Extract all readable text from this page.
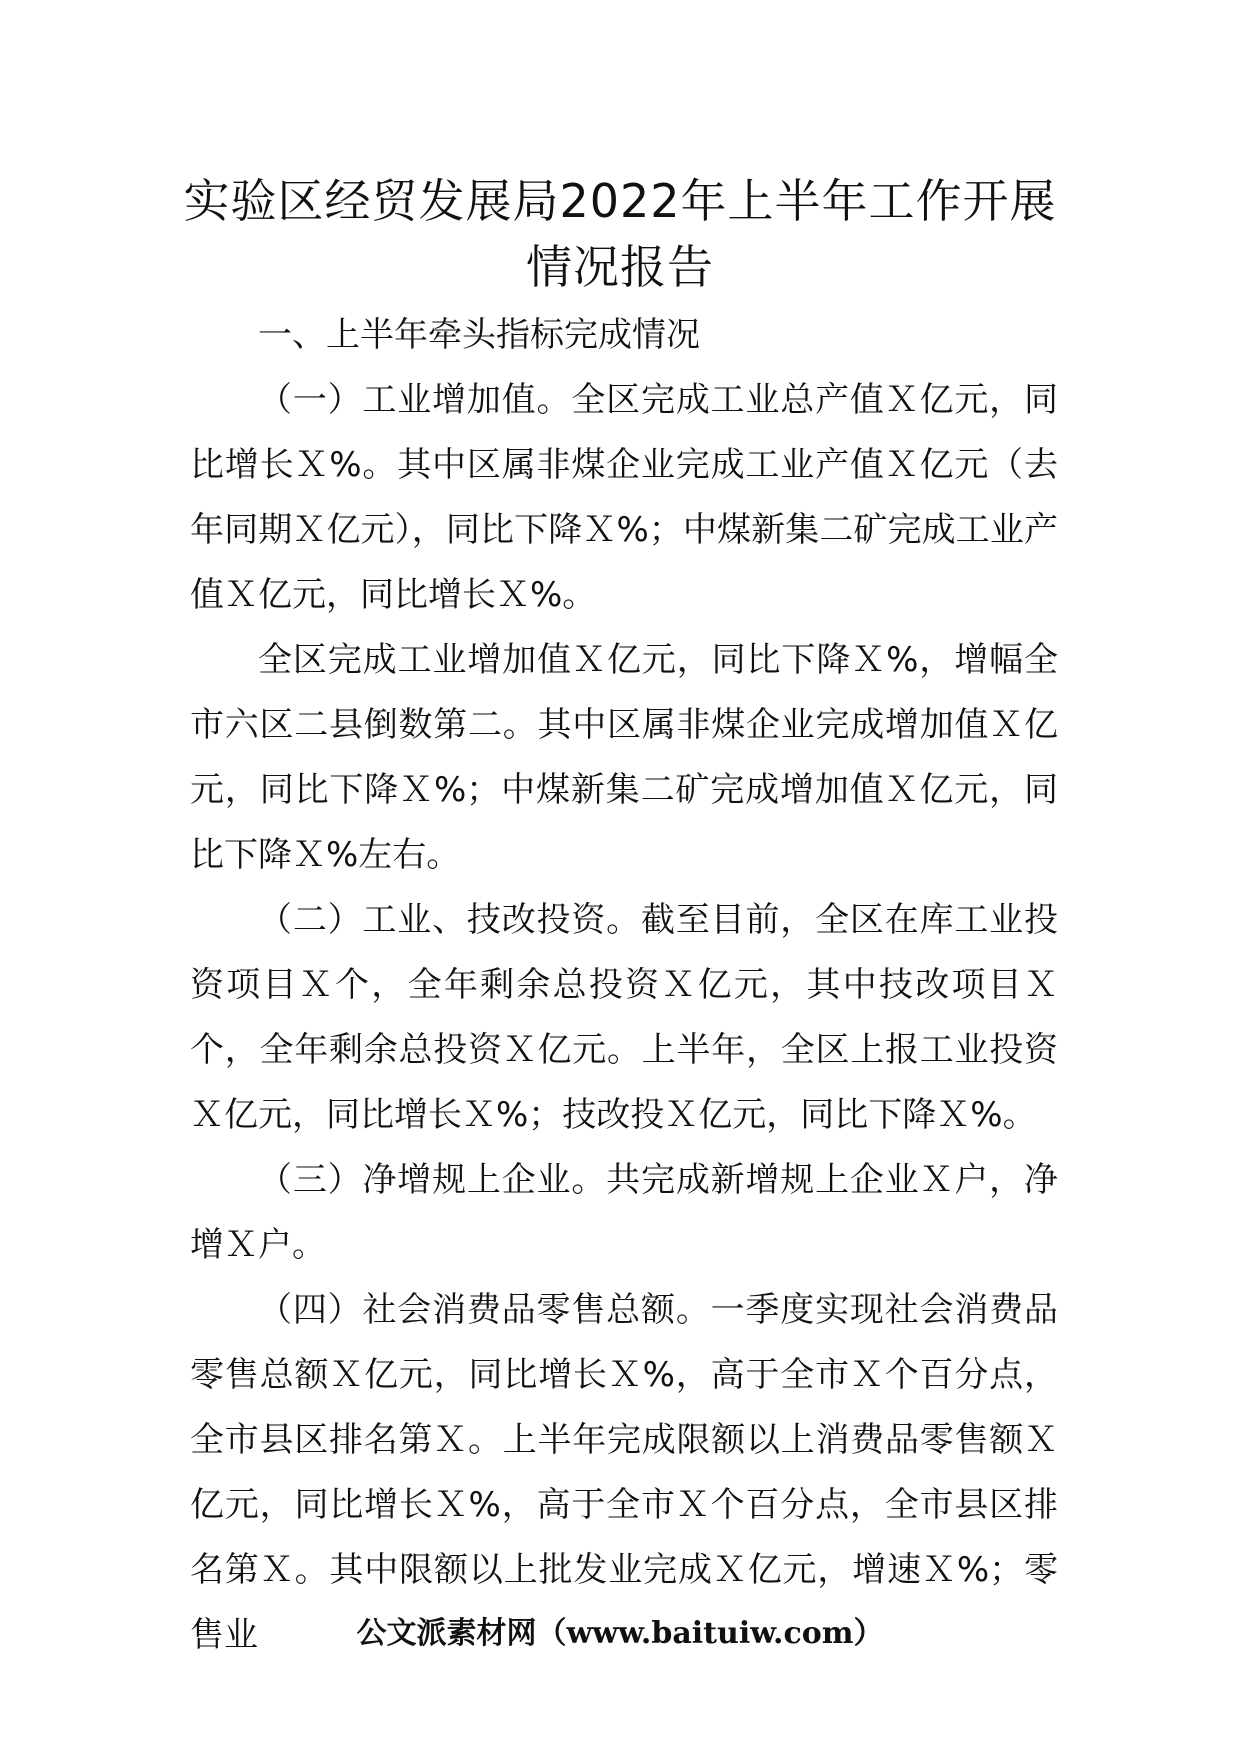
实验区经贸发展局2022年上半年工作开展
情况报告

一、上半年牵头指标完成情况

（一）工业增加值。全区完成工业总产值Ｘ亿元，同比增长Ｘ%。其中区属非煤企业完成工业产值Ｘ亿元（去年同期Ｘ亿元），同比下降Ｘ%；中煤新集二矿完成工业产值Ｘ亿元，同比增长Ｘ%。

全区完成工业增加值Ｘ亿元，同比下降Ｘ%，增幅全市六区二县倒数第二。其中区属非煤企业完成增加值Ｘ亿元，同比下降Ｘ%；中煤新集二矿完成增加值Ｘ亿元，同比下降Ｘ%左右。

（二）工业、技改投资。截至目前，全区在库工业投资项目Ｘ个，全年剩余总投资Ｘ亿元，其中技改项目Ｘ个，全年剩余总投资Ｘ亿元。上半年，全区上报工业投资Ｘ亿元，同比增长Ｘ%；技改投Ｘ亿元，同比下降Ｘ%。

（三）净增规上企业。共完成新增规上企业Ｘ户，净增Ｘ户。

（四）社会消费品零售总额。一季度实现社会消费品零售总额Ｘ亿元，同比增长Ｘ%，高于全市Ｘ个百分点，全市县区排名第Ｘ。上半年完成限额以上消费品零售额Ｘ亿元，同比增长Ｘ%，高于全市Ｘ个百分点，全市县区排名第Ｘ。其中限额以上批发业完成Ｘ亿元，增速Ｘ%；零售业	公文派素材网（www.baituiw.com）
